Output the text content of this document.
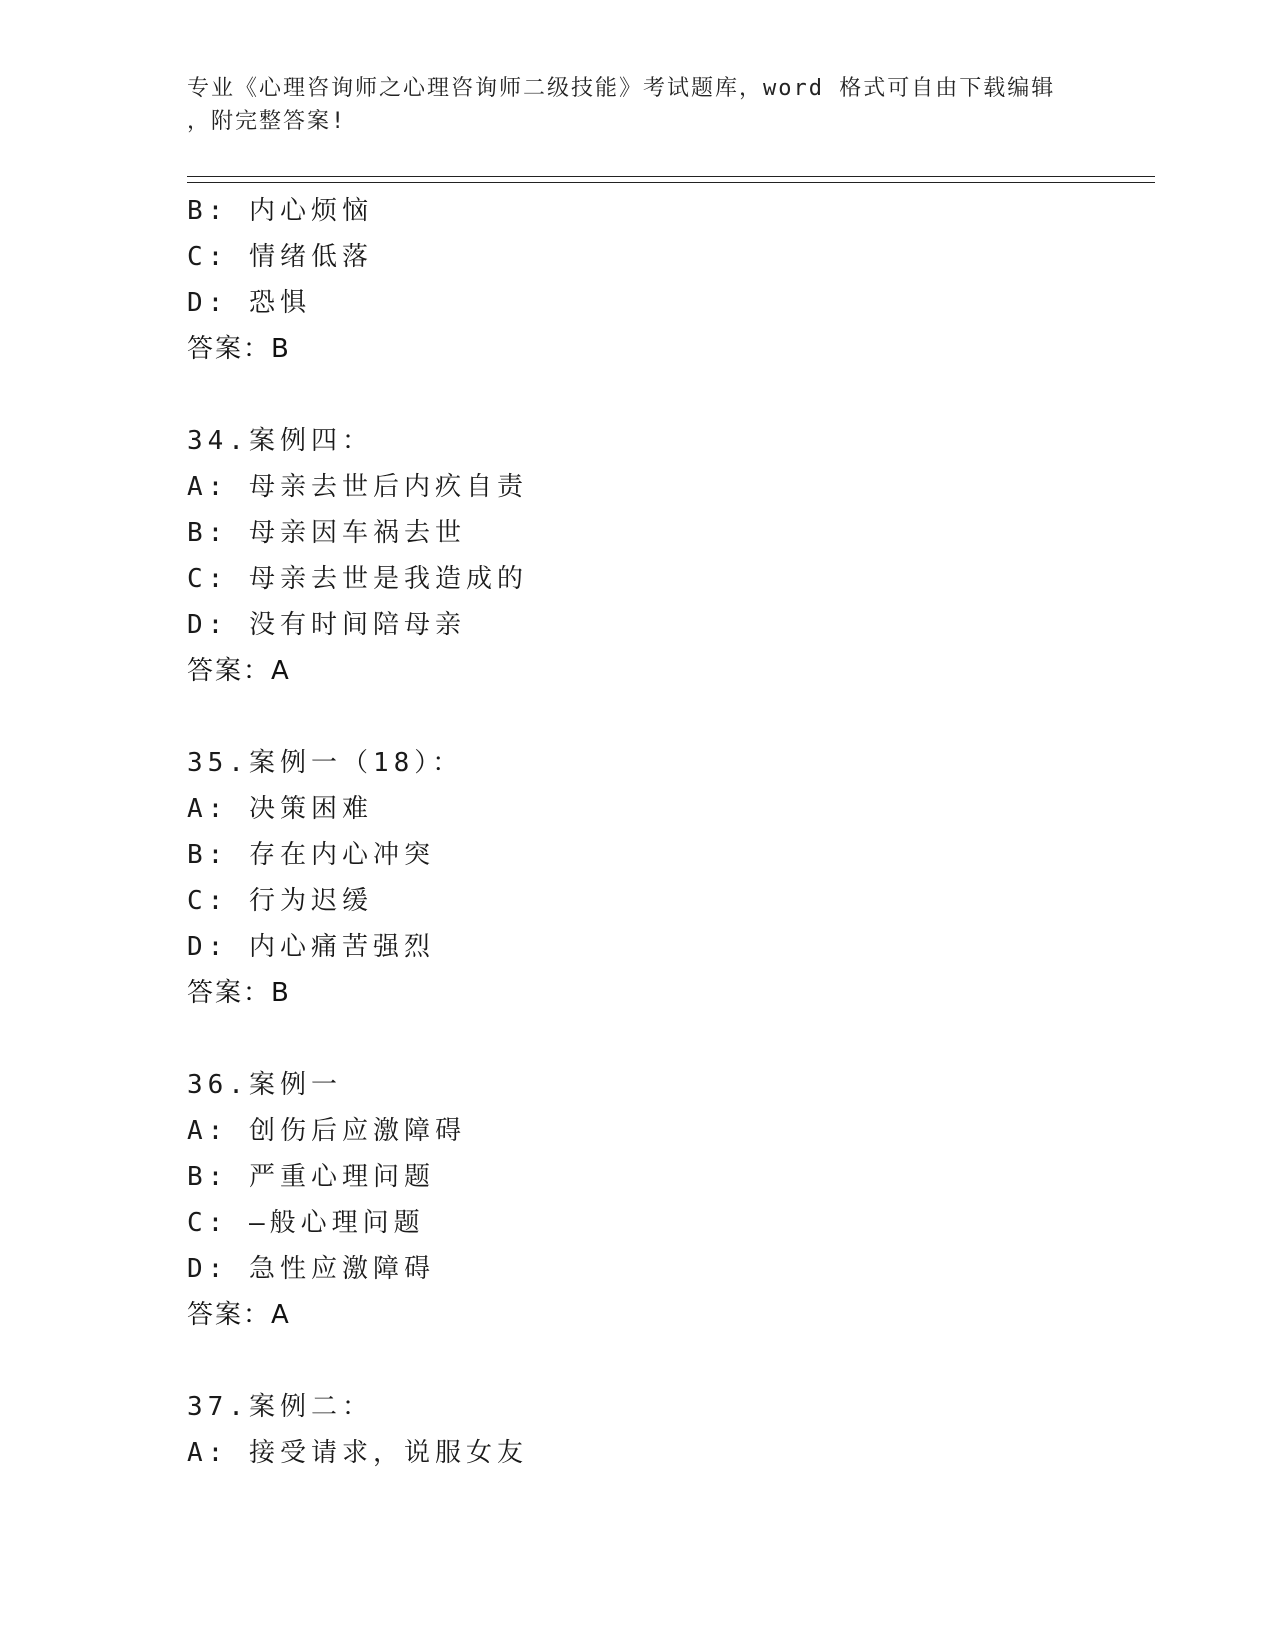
专业《心理咨询师之心理咨询师二级技能》考试题库，word 格式可自由下载编辑
，附完整答案!
B: 内心烦恼
C: 情绪低落
D: 恐惧
答案：B
34.案例四：
A: 母亲去世后内疚自责
B: 母亲因车祸去世
C: 母亲去世是我造成的
D: 没有时间陪母亲
答案：A
35.案例一（18）：
A: 决策困难
B: 存在内心冲突
C: 行为迟缓
D: 内心痛苦强烈
答案：B
36.案例一
A: 创伤后应激障碍
B: 严重心理问题
C: —般心理问题
D: 急性应激障碍
答案：A
37.案例二：
A: 接受请求，说服女友
